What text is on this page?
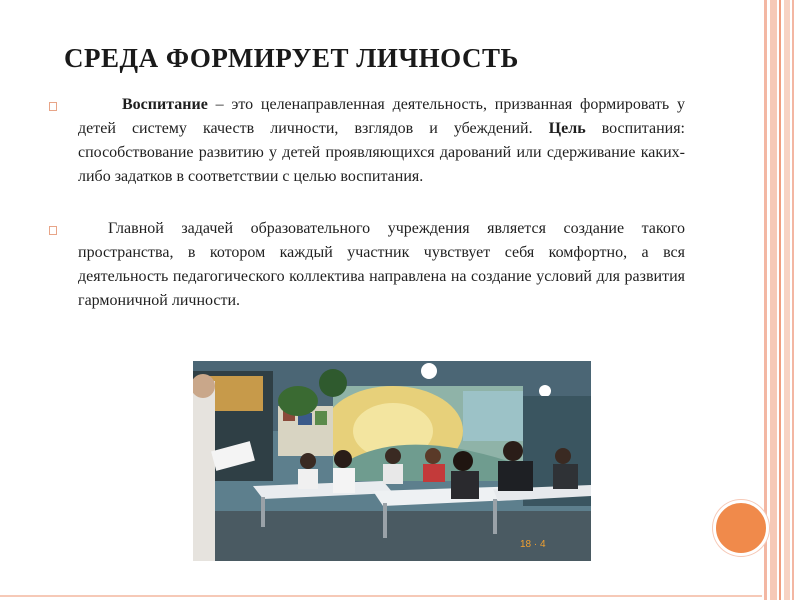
СРЕДА ФОРМИРУЕТ ЛИЧНОСТЬ
Воспитание – это целенаправленная деятельность, призванная формировать у детей систему качеств личности, взглядов и убеждений. Цель воспитания: способствование развитию у детей проявляющихся дарований или сдерживание каких-либо задатков в соответствии с целью воспитания.
Главной задачей образовательного учреждения является создание такого пространства, в котором каждый участник чувствует себя комфортно, а вся деятельность педагогического коллектива направлена на создание условий для развития гармоничной личности.
18 · 4
